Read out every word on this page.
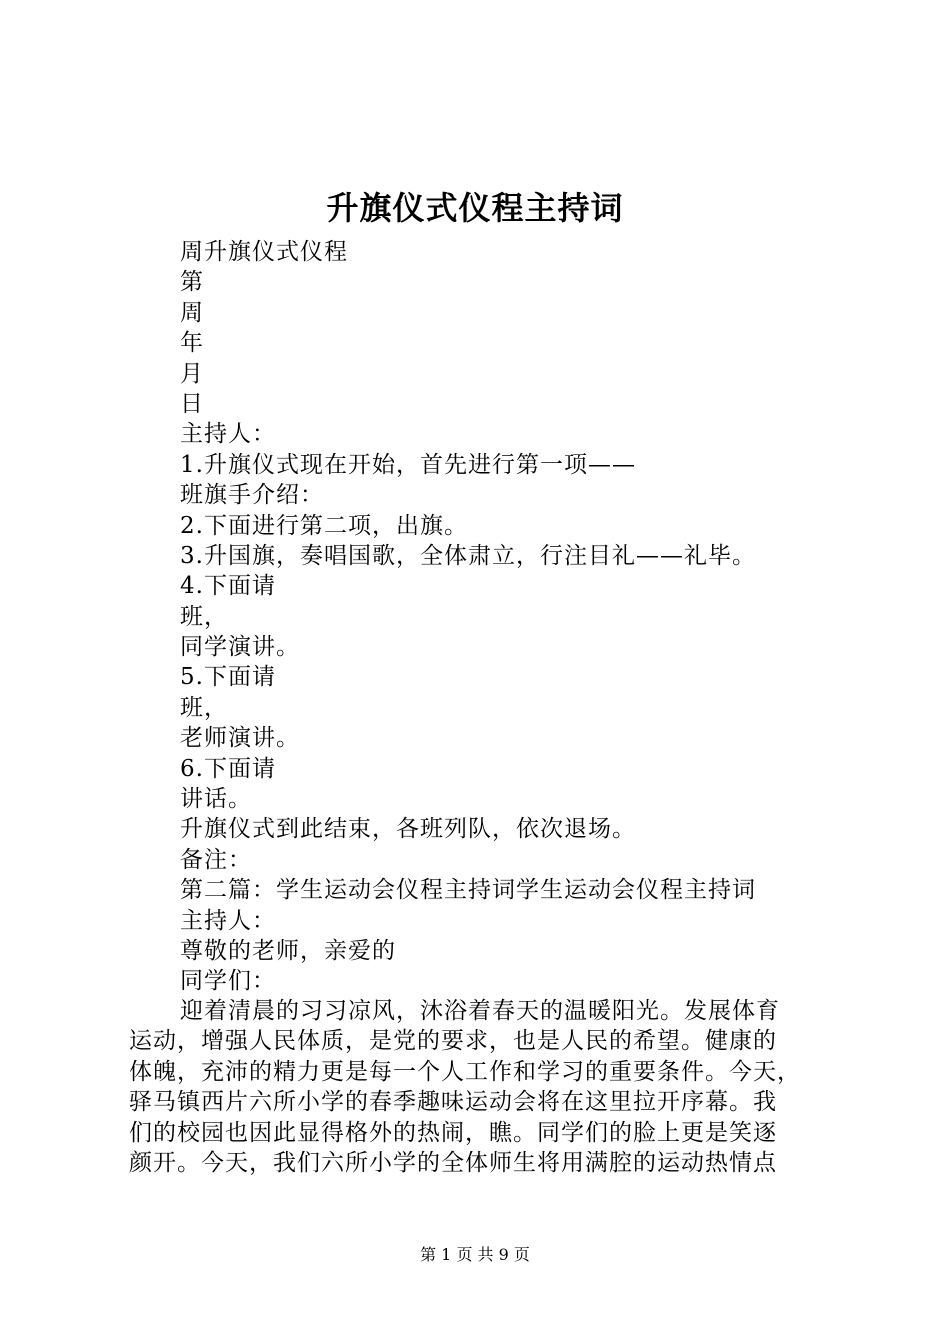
升旗仪式仪程主持词
周升旗仪式仪程
第
周
年
月
日
主持人：
1.升旗仪式现在开始，首先进行第一项——
班旗手介绍：
2.下面进行第二项，出旗。
3.升国旗，奏唱国歌，全体肃立，行注目礼——礼毕。
4.下面请
班，
同学演讲。
5.下面请
班，
老师演讲。
6.下面请
讲话。
升旗仪式到此结束，各班列队，依次退场。
备注：
第二篇：学生运动会仪程主持词学生运动会仪程主持词
主持人：
尊敬的老师，亲爱的
同学们：

迎着清晨的习习凉风，沐浴着春天的温暖阳光。发展体育
运动，增强人民体质，是党的要求，也是人民的希望。健康的
体魄，充沛的精力更是每一个人工作和学习的重要条件。今天，
驿马镇西片六所小学的春季趣味运动会将在这里拉开序幕。我
们的校园也因此显得格外的热闹，瞧。同学们的脸上更是笑逐
颜开。今天，我们六所小学的全体师生将用满腔的运动热情点

第 1 页 共 9 页
